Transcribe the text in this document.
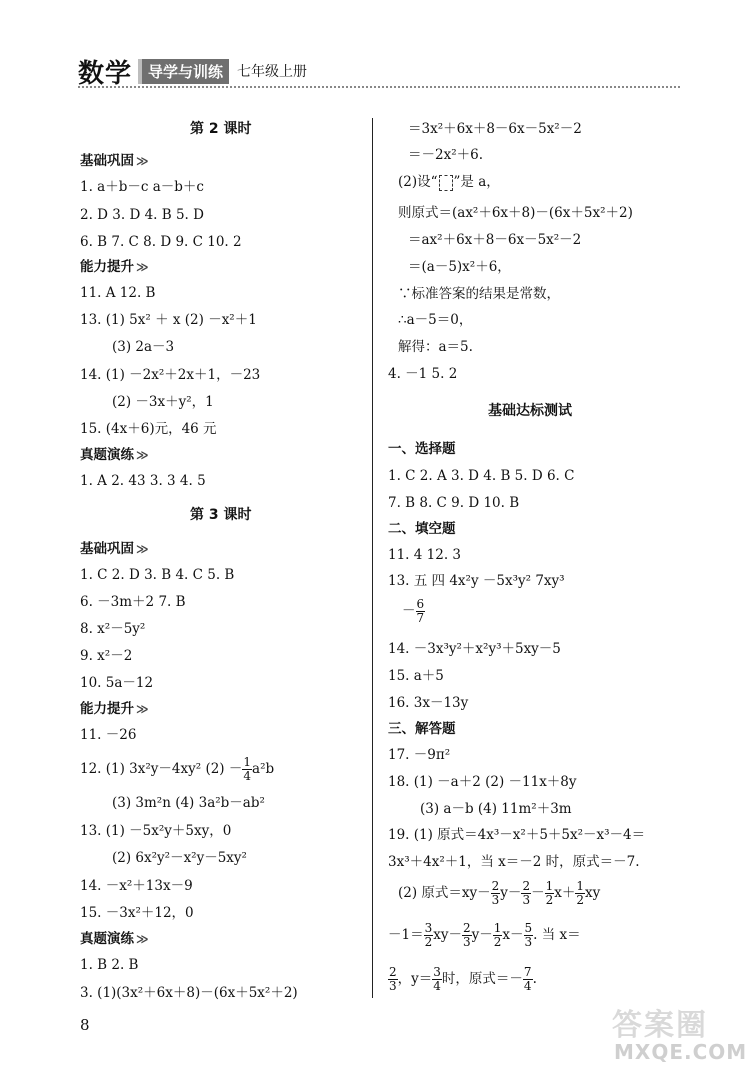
数学	导学与训练	七年级上册
第 2 课时
基础巩固 ≫
1. a＋b－c a－b＋c
2. D 3. D 4. B 5. D
6. B 7. C 8. D 9. C 10. 2
能力提升 ≫
11. A 12. B
13. (1) 5x² ＋ x (2) －x²＋1
(3) 2a－3
14. (1) －2x²＋2x＋1，－23
(2) －3x＋y²，1
15. (4x＋6)元，46 元
真题演练 ≫
1. A 2. 43 3. 3 4. 5
第 3 课时
基础巩固 ≫
1. C 2. D 3. B 4. C 5. B
6. －3m＋2 7. B
8. x²－5y²
9. x²－2
10. 5a－12
能力提升 ≫
11. －26
12. (1) 3x²y－4xy² $(2) - \frac{1}{4} a^2b$
(3) 3m²n (4) 3a²b－ab²
13. (1) －5x²y＋5xy，0
(2) 6x²y²－x²y－5xy²
14. －x²＋13x－9
15. －3x²＋12，0
真题演练 ≫
1. B 2. B
3. (1)(3x²＋6x＋8)－(6x＋5x²＋2)
＝3x²＋6x＋8－6x－5x²－2
＝－2x²＋6.
(2)设“ ”是 a，
则原式＝(ax²＋6x＋8)－(6x＋5x²＋2)
＝ax²＋6x＋8－6x－5x²－2
＝(a－5)x²＋6，
∵标准答案的结果是常数，
∴a－5＝0，
解得：a＝5.
4. －1 5. 2
基础达标测试
一、选择题
1. C 2. A 3. D 4. B 5. D 6. C
7. B 8. C 9. D 10. B
二、填空题
11. 4 12. 3
13. 五 四 4x²y －5x³y² 7xy³
－ $\frac{6}{7}$
14. －3x³y²＋x²y³＋5xy－5
15. a＋5
16. 3x－13y
三、解答题
17. －9π²
18. (1) －a＋2 (2) －11x＋8y
(3) a－b (4) 11m²＋3m
19. (1) 原式＝4x³－x²＋5＋5x²－x³－4＝
3x³＋4x²＋1，当 x＝－2 时，原式＝－7.
(2) 原式$=xy- \frac{2}{3} y- \frac{2}{3} - \frac{1}{2} x+ \frac{1}{2}$ xy
$-1= \frac{3}{2} xy- \frac{2}{3} y- \frac{1}{2} x- \frac{5}{3}$ . 当 x＝
$\frac{2}{3}$ ，$y= \frac{3}{4}$ 时，原式＝－ $\frac{7}{4}$ .
8	答案圈
MXQE.COM
